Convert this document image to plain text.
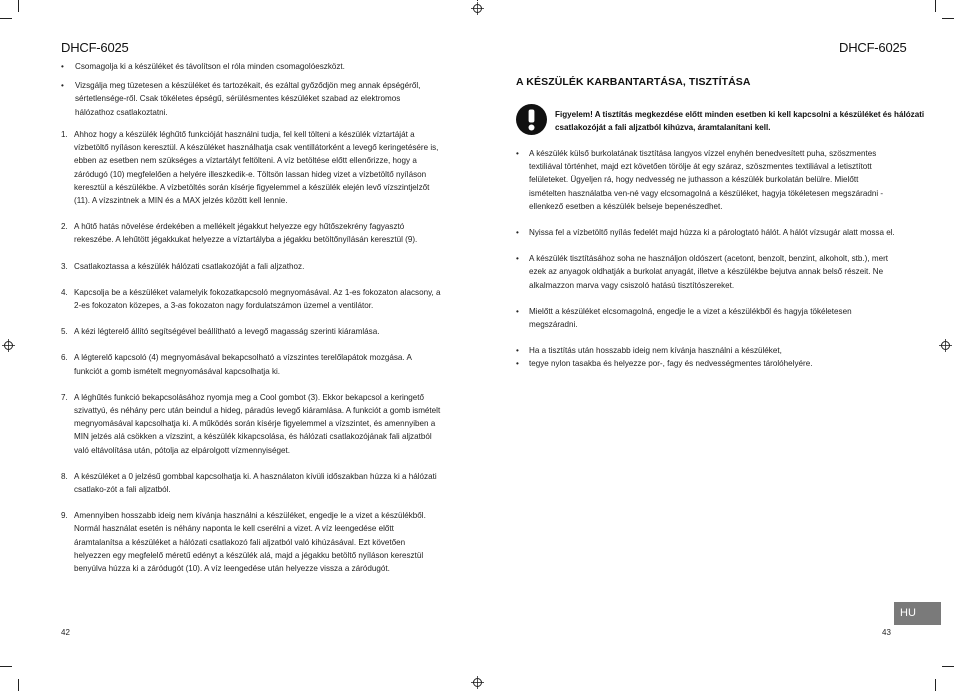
DHCF-6025

• Csomagolja ki a készüléket és távolítson el róla minden csomagolóeszközt.

• Vizsgálja meg tüzetesen a készüléket és tartozékait, és ezáltal győződjön meg annak épségéről, sértetlensége-ről. Csak tökéletes épségű, sérülésmentes készüléket szabad az elektromos hálózathoz csatlakoztatni.

1. Ahhoz hogy a készülék léghűtő funkcióját használni tudja, fel kell tölteni a készülék víztartáját a vízbetöltő nyíláson keresztül. A készüléket használhatja csak ventillátorként a levegő keringetésére is, ebben az esetben nem szükséges a víztartályt feltölteni. A víz betöltése előtt ellenőrizze, hogy a záródugó (10) megfelelően a helyére illeszkedik-e. Töltsön lassan hideg vizet a vízbetöltő nyíláson keresztül a készülékbe. A vízbetöltés során kísérje figyelemmel a készülék elején levő vízszintjelzőt (11). A vízszintnek a MIN és a MAX jelzés között kell lennie.

2. A hűtő hatás növelése érdekében a mellékelt jégakkut helyezze egy hűtőszekrény fagyasztó rekeszébe. A lehűtött jégakkukat helyezze a víztartályba a jégakku betöltőnyílásán keresztül (9).

3. Csatlakoztassa a készülék hálózati csatlakozóját a fali aljzathoz.

4. Kapcsolja be a készüléket valamelyik fokozatkapcsoló megnyomásával. Az 1-es fokozaton alacsony, a 2-es fokozaton közepes, a 3-as fokozaton nagy fordulatszámon üzemel a ventilátor.

5. A kézi légterelő állító segítségével beállítható a levegő magasság szerinti kiáramlása.

6. A légterelő kapcsoló (4) megnyomásával bekapcsolható a vízszintes terelőlapátok mozgása. A funkciót a gomb ismételt megnyomásával kapcsolhatja ki.

7. A léghűtés funkció bekapcsolásához nyomja meg a Cool gombot (3). Ekkor bekapcsol a keringető szivattyú, és néhány perc után beindul a hideg, páradús levegő kiáramlása. A funkciót a gomb ismételt megnyomásával kapcsolhatja ki. A működés során kísérje figyelemmel a vízszintet, és amennyiben a MIN jelzés alá csökken a vízszint, a készülék kikapcsolása, és hálózati csatlakozójának fali aljzatból való eltávolítása után, pótolja az elpárolgott vízmennyiséget.

8. A készüléket a 0 jelzésű gombbal kapcsolhatja ki. A használaton kívüli időszakban húzza ki a hálózati csatlako-zót a fali aljzatból.

9. Amennyiben hosszabb ideig nem kívánja használni a készüléket, engedje le a vizet a készülékből. Normál használat esetén is néhány naponta le kell cserélni a vizet. A víz leengedése előtt áramtalanítsa a készüléket a hálózati csatlakozó fali aljzatból való kihúzásával. Ezt követően helyezzen egy megfelelő méretű edényt a készülék alá, majd a jégakku betöltő nyíláson keresztül benyúlva húzza ki a záródugót (10). A víz leengedése után helyezze vissza a záródugót.

42
DHCF-6025
A KÉSZÜLÉK KARBANTARTÁSA, TISZTÍTÁSA
Figyelem! A tisztítás megkezdése előtt minden esetben ki kell kapcsolni a készüléket és hálózati csatlakozóját a fali aljzatból kihúzva, áramtalanítani kell.

• A készülék külső burkolatának tisztítása langyos vízzel enyhén benedvesített puha, szöszmentes textiliával történhet, majd ezt követően törölje át egy száraz, szöszmentes textiliával a letisztított felületeket. Ügyeljen rá, hogy nedvesség ne juthasson a készülék burkolatán belülre. Mielőtt ismételten használatba ven-né vagy elcsomagolná a készüléket, hagyja tökéletesen megszáradni - ellenkező esetben a készülék belseje bepenészedhet.

• Nyissa fel a vízbetöltő nyílás fedelét majd húzza ki a párologtató hálót. A hálót vízsugár alatt mossa el.

• A készülék tisztításához soha ne használjon oldószert (acetont, benzolt, benzint, alkoholt, stb.), mert ezek az anyagok oldhatják a burkolat anyagát, illetve a készülékbe bejutva annak belső részeit. Ne alkalmazzon marva vagy csiszoló hatású tisztítószereket.

• Mielőtt a készüléket elcsomagolná, engedje le a vizet a készülékből és hagyja tökéletesen megszáradni.

• Ha a tisztítás után hosszabb ideig nem kívánja használni a készüléket,

• tegye nylon tasakba és helyezze por-, fagy és nedvességmentes tárolóhelyére.

HU
43
